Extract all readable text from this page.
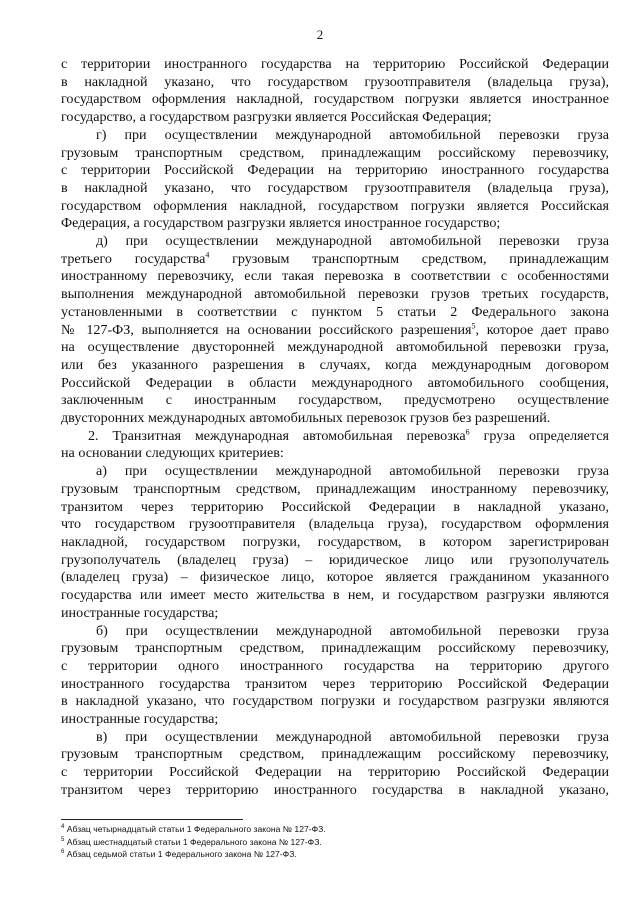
2

с территории иностранного государства на территорию Российской Федерации

в накладной указано, что государством грузоотправителя (владельца груза),

государством оформления накладной, государством погрузки является иностранное

государство, а государством разгрузки является Российская Федерация;

г) при осуществлении международной автомобильной перевозки груза

грузовым транспортным средством, принадлежащим российскому перевозчику,

с территории Российской Федерации на территорию иностранного государства

в накладной указано, что государством грузоотправителя (владельца груза),

государством оформления накладной, государством погрузки является Российская

Федерация, а государством разгрузки является иностранное государство;

д) при осуществлении международной автомобильной перевозки груза

третьего государства$^4$ грузовым транспортным средством, принадлежащим

иностранному перевозчику, если такая перевозка в соответствии с особенностями

выполнения международной автомобильной перевозки грузов третьих государств,

установленными в соответствии с пунктом 5 статьи 2 Федерального закона

№ 127-ФЗ, выполняется на основании российского разрешения$^5$, которое дает право

на осуществление двусторонней международной автомобильной перевозки груза,

или без указанного разрешения в случаях, когда международным договором

Российской Федерации в области международного автомобильного сообщения,

заключенным с иностранным государством, предусмотрено осуществление

двусторонних международных автомобильных перевозок грузов без разрешений.

2. Транзитная международная автомобильная перевозка$^6$ груза определяется

на основании следующих критериев:

а) при осуществлении международной автомобильной перевозки груза

грузовым транспортным средством, принадлежащим иностранному перевозчику,

транзитом через территорию Российской Федерации в накладной указано,

что государством грузоотправителя (владельца груза), государством оформления

накладной, государством погрузки, государством, в котором зарегистрирован

грузополучатель (владелец груза) – юридическое лицо или грузополучатель

(владелец груза) – физическое лицо, которое является гражданином указанного

государства или имеет место жительства в нем, и государством разгрузки являются

иностранные государства;

б) при осуществлении международной автомобильной перевозки груза

грузовым транспортным средством, принадлежащим российскому перевозчику,

с территории одного иностранного государства на территорию другого

иностранного государства транзитом через территорию Российской Федерации

в накладной указано, что государством погрузки и государством разгрузки являются

иностранные государства;

в) при осуществлении международной автомобильной перевозки груза

грузовым транспортным средством, принадлежащим российскому перевозчику,

с территории Российской Федерации на территорию Российской Федерации

транзитом через территорию иностранного государства в накладной указано,

$^4$ Абзац четырнадцатый статьи 1 Федерального закона № 127-ФЗ.

$^5$ Абзац шестнадцатый статьи 1 Федерального закона № 127-ФЗ.

$^6$ Абзац седьмой статьи 1 Федерального закона № 127-ФЗ.
